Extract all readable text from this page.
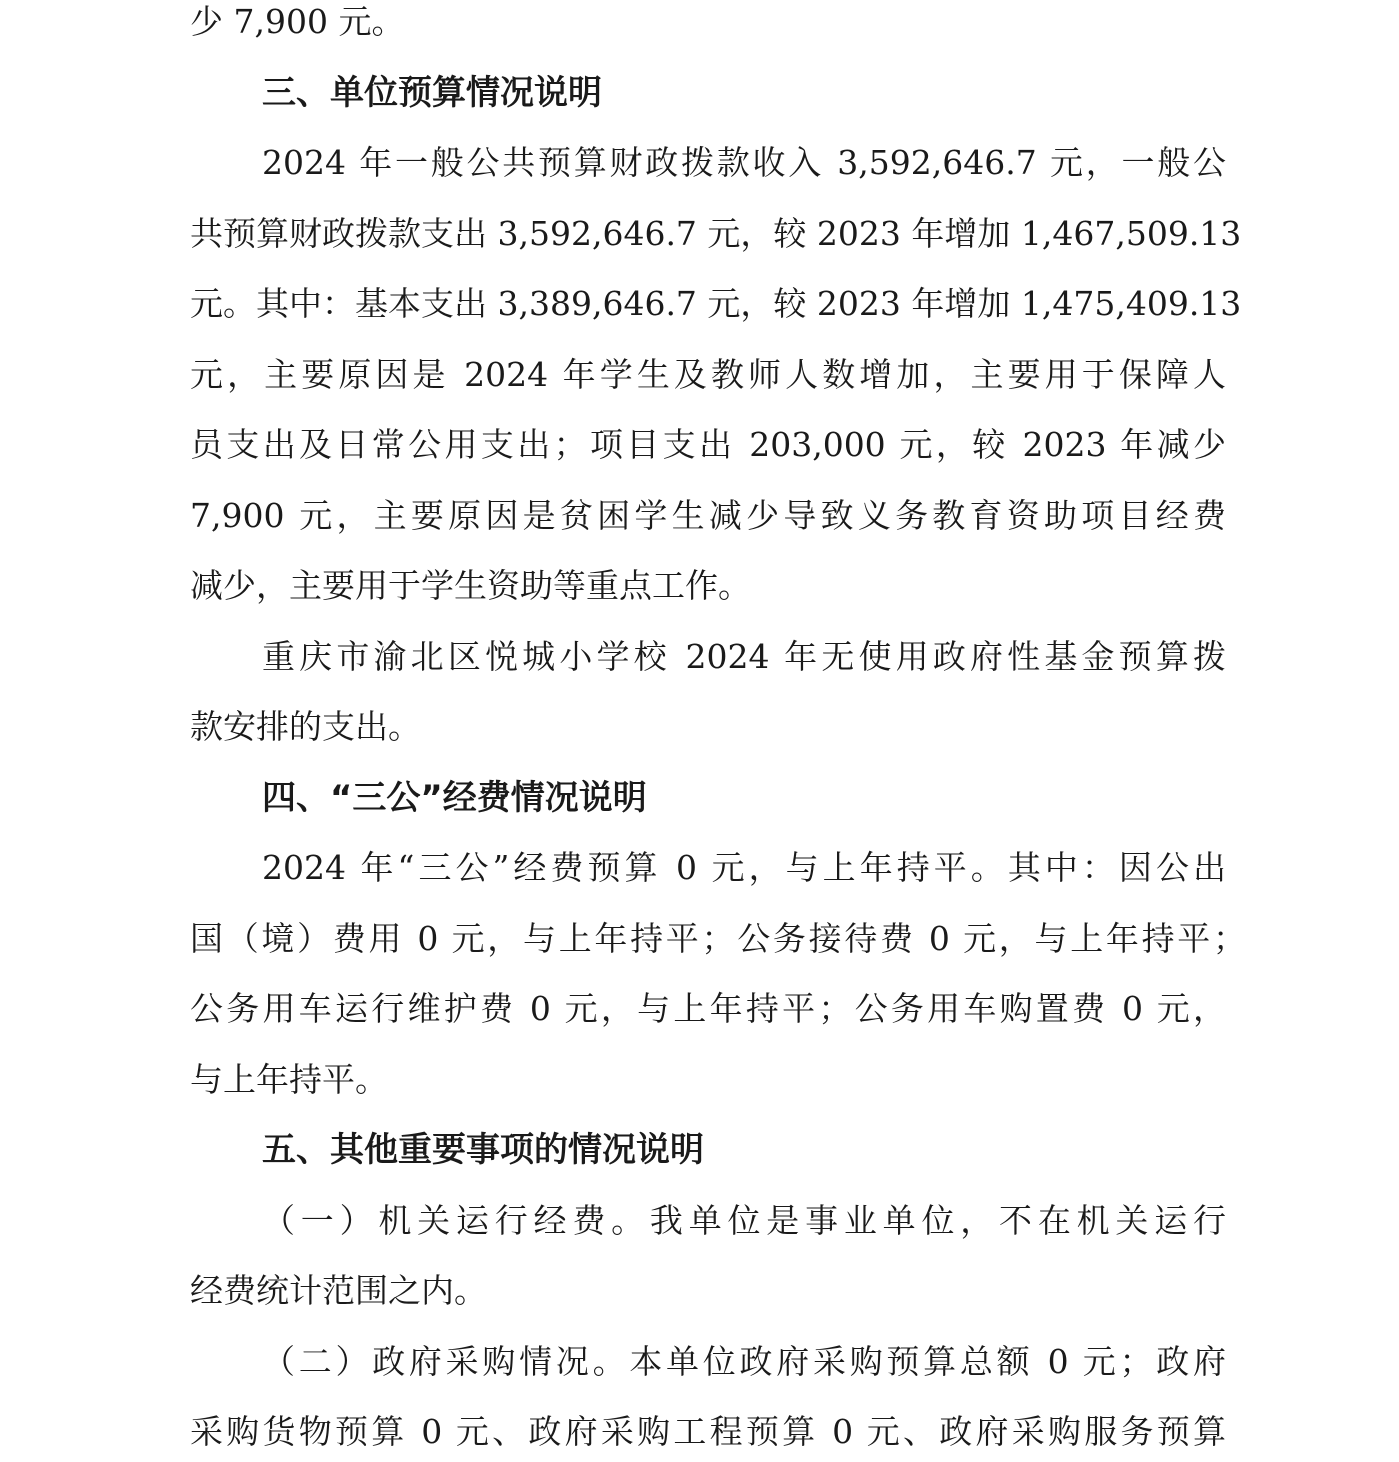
少 7,900 元。
三、单位预算情况说明
2024 年一般公共预算财政拨款收入 3,592,646.7 元，一般公
共预算财政拨款支出 3,592,646.7 元，较 2023 年增加 1,467,509.13
元。其中：基本支出 3,389,646.7 元，较 2023 年增加 1,475,409.13
元，主要原因是 2024 年学生及教师人数增加，主要用于保障人
员支出及日常公用支出；项目支出 203,000 元，较 2023 年减少
7,900 元，主要原因是贫困学生减少导致义务教育资助项目经费
减少，主要用于学生资助等重点工作。
重庆市渝北区悦城小学校 2024 年无使用政府性基金预算拨
款安排的支出。
四、“三公”经费情况说明
2024 年“三公”经费预算 0 元，与上年持平。其中：因公出
国（境）费用 0 元，与上年持平；公务接待费 0 元，与上年持平；
公务用车运行维护费 0 元，与上年持平；公务用车购置费 0 元，
与上年持平。
五、其他重要事项的情况说明
（一）机关运行经费。我单位是事业单位，不在机关运行
经费统计范围之内。
（二）政府采购情况。本单位政府采购预算总额 0 元；政府
采购货物预算 0 元、政府采购工程预算 0 元、政府采购服务预算
